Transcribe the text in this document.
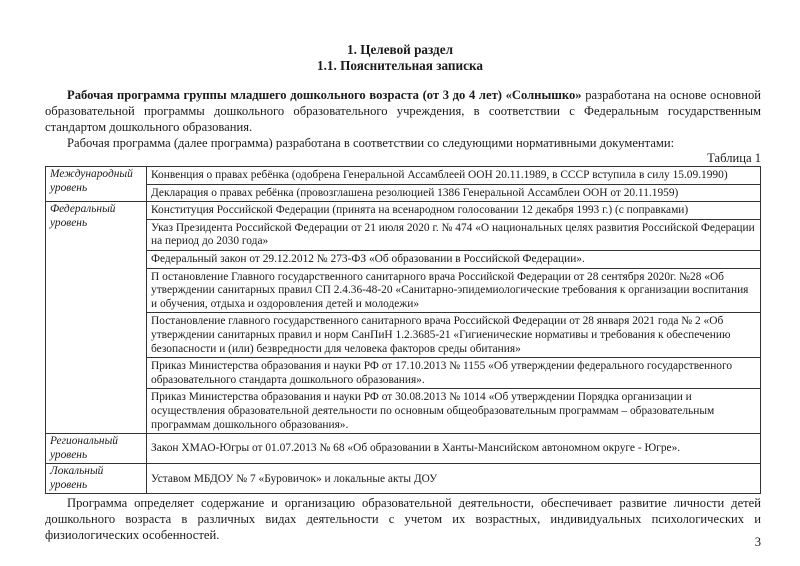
1. Целевой раздел
1.1. Пояснительная записка
Рабочая программа группы младшего дошкольного возраста (от 3 до 4 лет) «Солнышко» разработана на основе основной образовательной программы дошкольного образовательного учреждения, в соответствии с Федеральным государственным стандартом дошкольного образования.
Рабочая программа (далее программа) разработана в соответствии со следующими нормативными документами:
Таблица 1
Международный уровень	Конвенция о правах ребёнка (одобрена Генеральной Ассамблеей ООН 20.11.1989, в СССР вступила в силу 15.09.1990)
	Декларация о правах ребёнка (провозглашена резолюцией 1386 Генеральной Ассамблеи ООН от 20.11.1959)
Федеральный уровень	Конституция Российской Федерации (принята на всенародном голосовании 12 декабря 1993 г.) (с поправками)
	Указ Президента Российской Федерации от 21 июля 2020 г. № 474 «О национальных целях развития Российской Федерации на период до 2030 года»
	Федеральный закон от 29.12.2012 № 273-ФЗ «Об образовании в Российской Федерации».
	П остановление Главного государственного санитарного врача Российской Федерации от 28 сентября 2020г. №28 «Об утверждении санитарных правил СП 2.4.36-48-20 «Санитарно-эпидемиологические требования к организации воспитания и обучения, отдыха и оздоровления детей и молодежи»
	Постановление главного государственного санитарного врача Российской Федерации от 28 января 2021 года № 2 «Об утверждении санитарных правил и норм СанПиН 1.2.3685-21 «Гигиенические нормативы и требования к обеспечению безопасности и (или) безвредности для человека факторов среды обитания»
	Приказ Министерства образования и науки РФ от 17.10.2013 № 1155 «Об утверждении федерального государственного образовательного стандарта дошкольного образования».
	Приказ Министерства образования и науки РФ от 30.08.2013 № 1014 «Об утверждении Порядка организации и осуществления образовательной деятельности по основным общеобразовательным программам – образовательным программам дошкольного образования».
Региональный уровень	Закон ХМАО-Югры от 01.07.2013 № 68 «Об образовании в Ханты-Мансийском автономном округе - Югре».
Локальный уровень	Уставом МБДОУ № 7 «Буровичок» и локальные акты ДОУ
Программа определяет содержание и организацию образовательной деятельности, обеспечивает развитие личности детей дошкольного возраста в различных видах деятельности с учетом их возрастных, индивидуальных психологических и физиологических особенностей.	3
